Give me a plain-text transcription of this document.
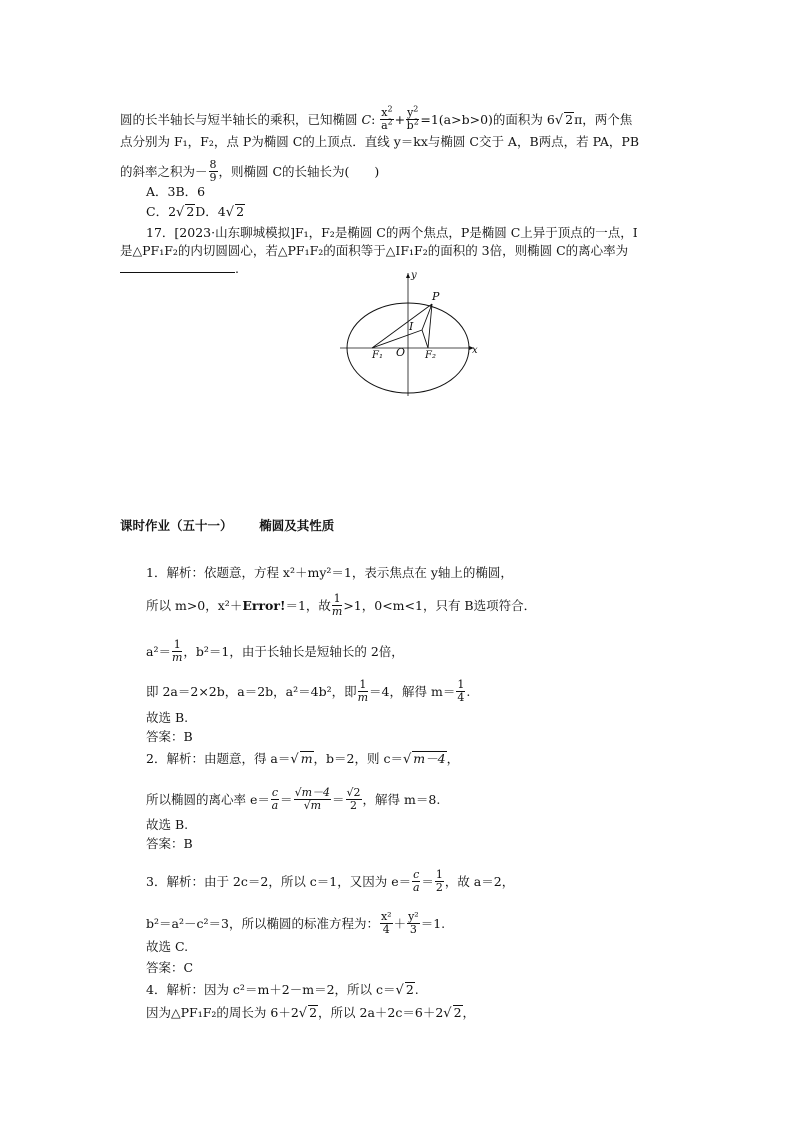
圆的长半轴长与短半轴长的乘积，已知椭圆 C: $\frac{x^2}{a^2} + \frac{y^2}{b^2} =1(a>b>0)$的面积为 6√ 2π，两个焦
点分别为 F₁，F₂，点 P为椭圆 C的上顶点．直线 y＝kx与椭圆 C交于 A，B两点，若 PA，PB
的斜率之积为－ $\frac{8}{9}$ ，则椭圆 C的长轴长为(　　)
A．3B．6
C．2√ 2D．4√ 2
17．[2023·山东聊城模拟]F₁，F₂是椭圆 C的两个焦点，P是椭圆 C上异于顶点的一点，I
是△PF₁F₂的内切圆圆心，若△PF₁F₂的面积等于△IF₁F₂的面积的 3倍，则椭圆 C的离心率为
.	y
x
P
I
O
F₁	F₂
课时作业（五十一） 椭圆及其性质
1．解析：依题意，方程 x²＋my²＝1，表示焦点在 y轴上的椭圆，
所以 m>0，x²＋Error!＝1，故 $\frac{1}{m} >1$，0<m<1，只有 B选项符合．
$a^2= \frac{1}{m}$ ，b²＝1，由于长轴长是短轴长的 2倍，
即 2a＝2×2b，a＝2b，a²＝4b²，即 $\frac{1}{m} =4$，解得 $m= \frac{1}{4}$ .
故选 B.
答案：B
2．解析：由题意，得 a＝√ m，b＝2，则 c＝√ m－4，
所以椭圆的离心率 $e= \frac{c}{a} = \frac{√m-4}{√m} = \frac{√2}{2}$ ，解得 m＝8.
故选 B.
答案：B
3．解析：由于 2c＝2，所以 c＝1，又因为 $e= \frac{c}{a} = \frac{1}{2}$ ，故 a＝2，
b²＝a²－c²＝3，所以椭圆的标准方程为： $\frac{\text{x²}}{4} + \frac{\text{y²}}{3} =1$.
故选 C.
答案：C
4．解析：因为 c²＝m＋2－m＝2，所以 c＝√ 2.
因为△PF₁F₂的周长为 6＋2√ 2，所以 2a＋2c＝6＋2√ 2，
